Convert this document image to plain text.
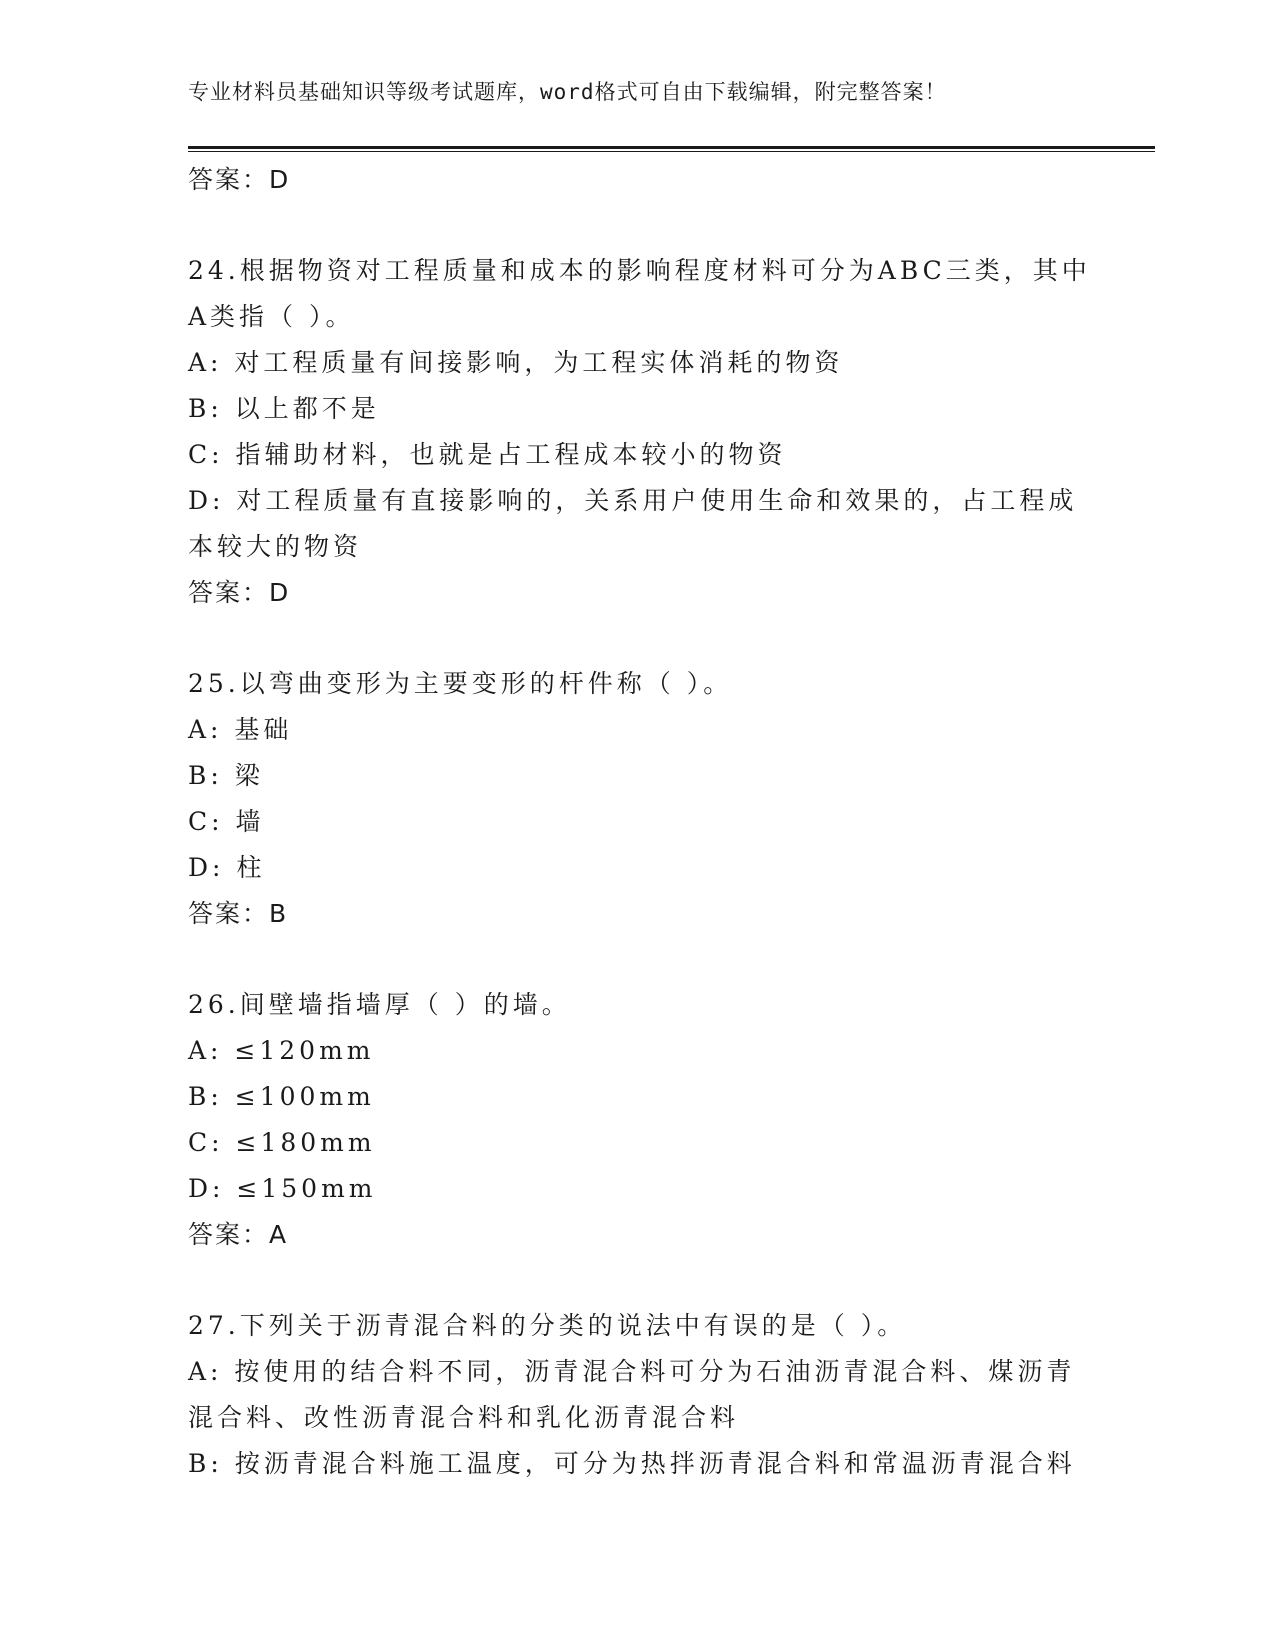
专业材料员基础知识等级考试题库，word格式可自由下载编辑，附完整答案！
答案：D
24.根据物资对工程质量和成本的影响程度材料可分为ABC三类，其中
A类指（ ）。
A: 对工程质量有间接影响，为工程实体消耗的物资
B: 以上都不是
C: 指辅助材料，也就是占工程成本较小的物资
D: 对工程质量有直接影响的，关系用户使用生命和效果的，占工程成
本较大的物资
答案：D
25.以弯曲变形为主要变形的杆件称（ ）。
A: 基础
B: 梁
C: 墙
D: 柱
答案：B
26.间壁墙指墙厚（ ）的墙。
A: ≤120mm
B: ≤100mm
C: ≤180mm
D: ≤150mm
答案：A
27.下列关于沥青混合料的分类的说法中有误的是（ ）。
A: 按使用的结合料不同，沥青混合料可分为石油沥青混合料、煤沥青
混合料、改性沥青混合料和乳化沥青混合料
B: 按沥青混合料施工温度，可分为热拌沥青混合料和常温沥青混合料
